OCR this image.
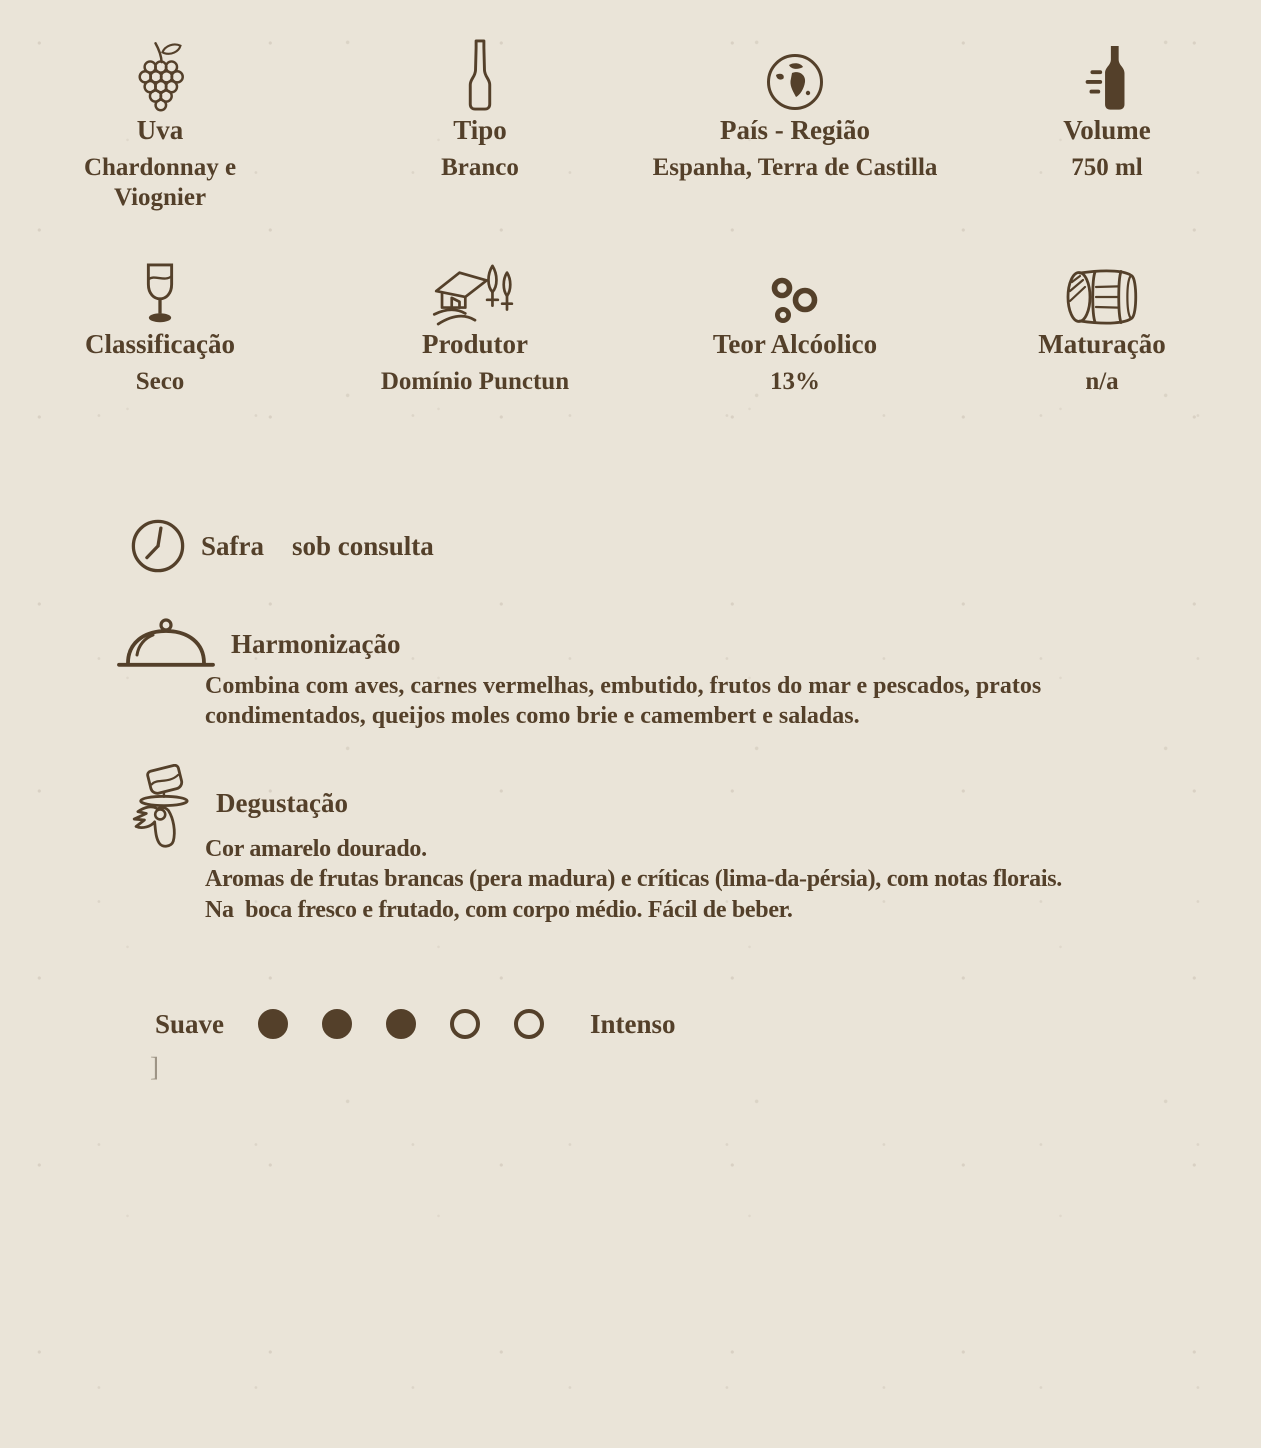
Uva
Chardonnay e Viognier
Tipo
Branco
País - Região
Espanha, Terra de Castilla
Volume
750 ml
Classificação
Seco
Produtor
Domínio Punctun
Teor Alcóolico
13%
Maturação
n/a
Safra sob consulta
Harmonização
Combina com aves, carnes vermelhas, embutido, frutos do mar e pescados, pratos condimentados, queijos moles como brie e camembert e saladas.
Degustação
Cor amarelo dourado.
Aromas de frutas brancas (pera madura) e críticas (lima-da-pérsia), com notas florais.
Na  boca fresco e frutado, com corpo médio. Fácil de beber.
Suave	Intenso
]
